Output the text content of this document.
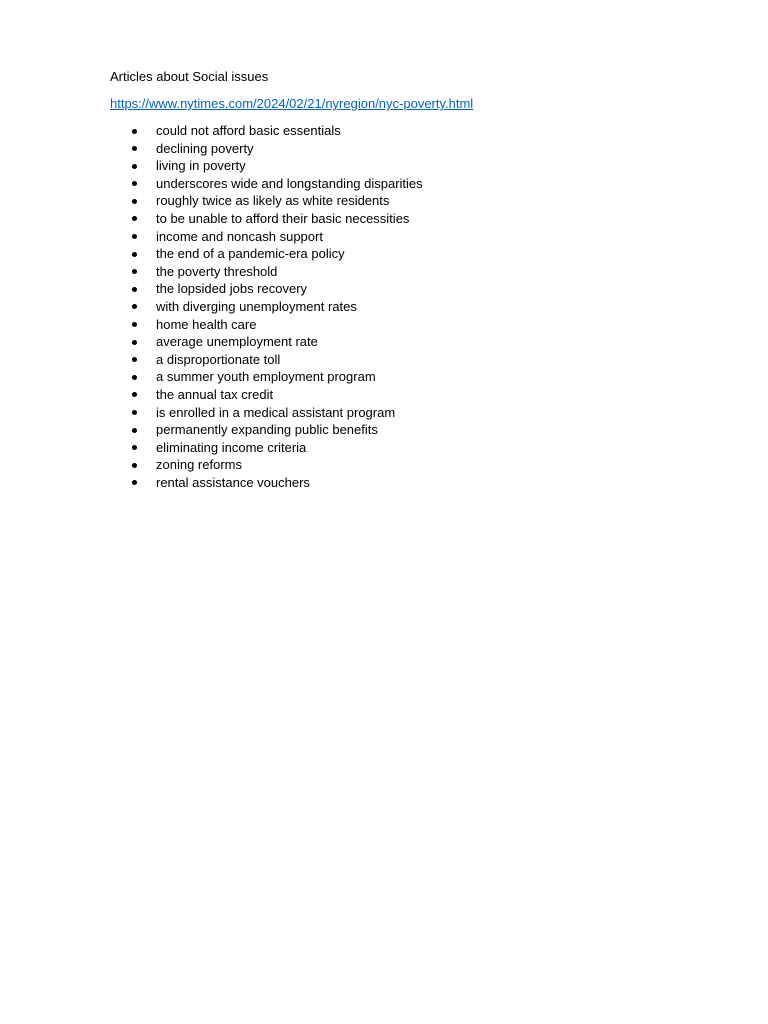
Articles about Social issues
https://www.nytimes.com/2024/02/21/nyregion/nyc-poverty.html
could not afford basic essentials
declining poverty
living in poverty
underscores wide and longstanding disparities
roughly twice as likely as white residents
to be unable to afford their basic necessities
income and noncash support
the end of a pandemic-era policy
the poverty threshold
the lopsided jobs recovery
with diverging unemployment rates
home health care
average unemployment rate
a disproportionate toll
a summer youth employment program
the annual tax credit
is enrolled in a medical assistant program
permanently expanding public benefits
eliminating income criteria
zoning reforms
rental assistance vouchers
